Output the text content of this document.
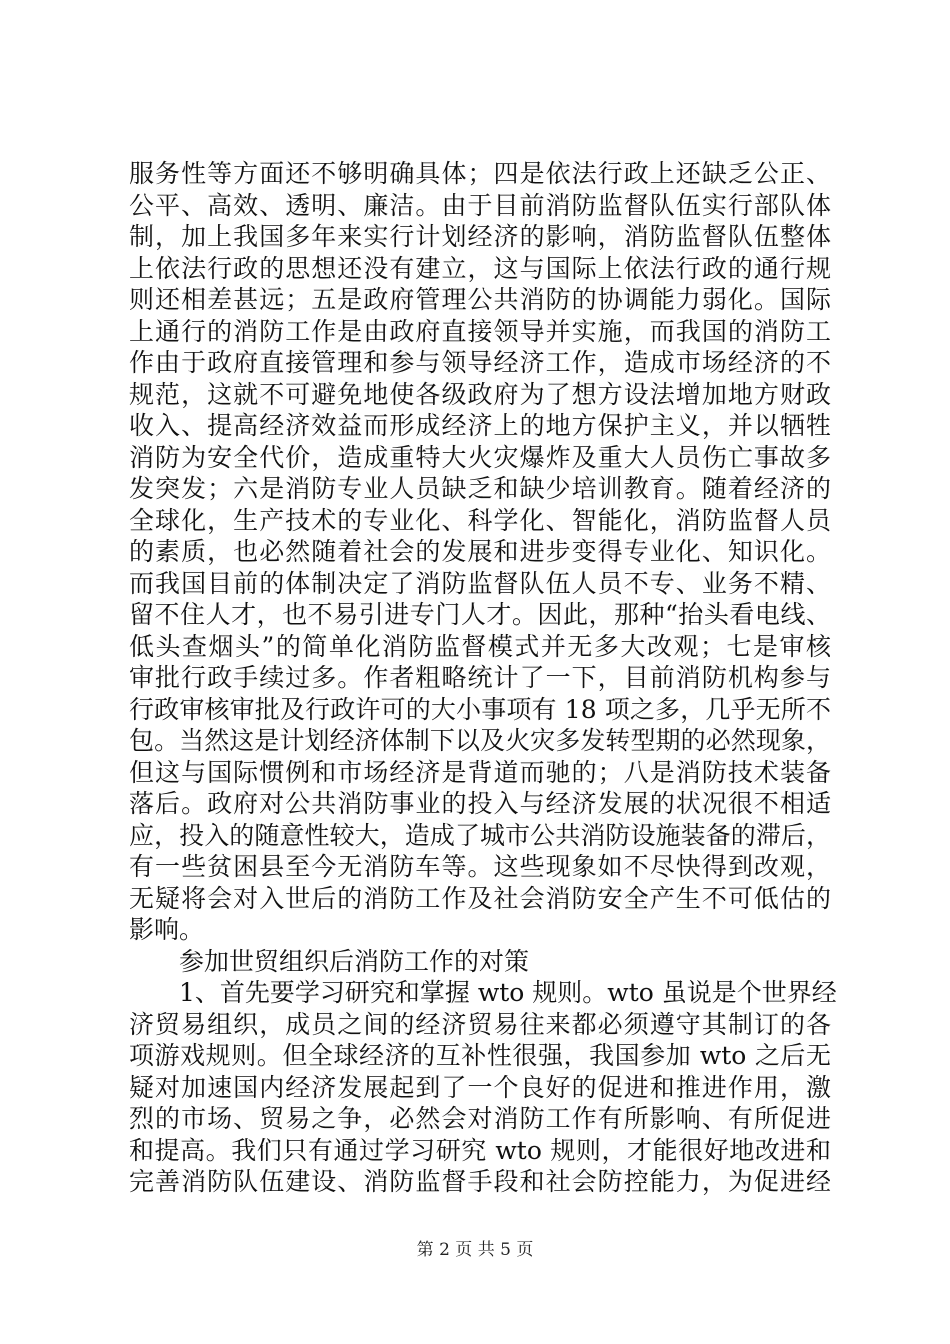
服务性等方面还不够明确具体；四是依法行政上还缺乏公正、
公平、高效、透明、廉洁。由于目前消防监督队伍实行部队体
制，加上我国多年来实行计划经济的影响，消防监督队伍整体
上依法行政的思想还没有建立，这与国际上依法行政的通行规
则还相差甚远；五是政府管理公共消防的协调能力弱化。国际
上通行的消防工作是由政府直接领导并实施，而我国的消防工
作由于政府直接管理和参与领导经济工作，造成市场经济的不
规范，这就不可避免地使各级政府为了想方设法增加地方财政
收入、提高经济效益而形成经济上的地方保护主义，并以牺牲
消防为安全代价，造成重特大火灾爆炸及重大人员伤亡事故多
发突发；六是消防专业人员缺乏和缺少培训教育。随着经济的
全球化，生产技术的专业化、科学化、智能化，消防监督人员
的素质，也必然随着社会的发展和进步变得专业化、知识化。
而我国目前的体制决定了消防监督队伍人员不专、业务不精、
留不住人才，也不易引进专门人才。因此，那种“抬头看电线、
低头查烟头”的简单化消防监督模式并无多大改观；七是审核
审批行政手续过多。作者粗略统计了一下，目前消防机构参与
行政审核审批及行政许可的大小事项有 18 项之多，几乎无所不
包。当然这是计划经济体制下以及火灾多发转型期的必然现象，
但这与国际惯例和市场经济是背道而驰的；八是消防技术装备
落后。政府对公共消防事业的投入与经济发展的状况很不相适
应，投入的随意性较大，造成了城市公共消防设施装备的滞后，
有一些贫困县至今无消防车等。这些现象如不尽快得到改观，
无疑将会对入世后的消防工作及社会消防安全产生不可低估的
影响。
参加世贸组织后消防工作的对策
1、首先要学习研究和掌握 wto 规则。wto 虽说是个世界经
济贸易组织，成员之间的经济贸易往来都必须遵守其制订的各
项游戏规则。但全球经济的互补性很强，我国参加 wto 之后无
疑对加速国内经济发展起到了一个良好的促进和推进作用，激
烈的市场、贸易之争，必然会对消防工作有所影响、有所促进
和提高。我们只有通过学习研究 wto 规则，才能很好地改进和
完善消防队伍建设、消防监督手段和社会防控能力，为促进经
第 2 页 共 5 页
